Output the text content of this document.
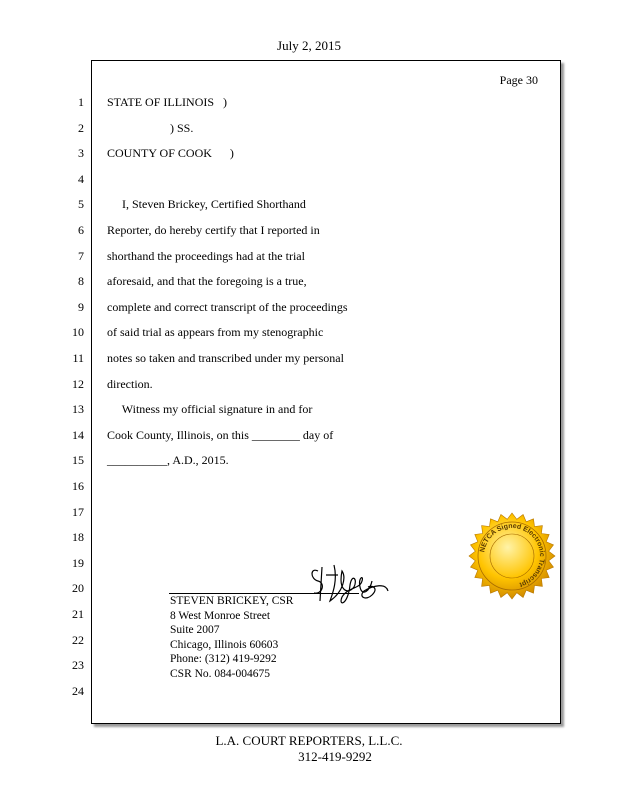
July 2, 2015
Page 30
1
2
3
4
5
6
7
8
9
10
11
12
13
14
15
16
17
18
19
20
21
22
23
24
STATE OF ILLINOIS   )
) SS.
COUNTY OF COOK      )
I, Steven Brickey, Certified Shorthand
Reporter, do hereby certify that I reported in
shorthand the proceedings had at the trial
aforesaid, and that the foregoing is a true,
complete and correct transcript of the proceedings
of said trial as appears from my stenographic
notes so taken and transcribed under my personal
direction.
Witness my official signature in and for
Cook County, Illinois, on this ________ day of
__________, A.D., 2015.
STEVEN BRICKEY, CSR
8 West Monroe Street
Suite 2007
Chicago, Illinois 60603
Phone: (312) 419-9292
CSR No. 084-004675
NETCA Signed Electronic Transcript
L.A. COURT REPORTERS, L.L.C.
312-419-9292
